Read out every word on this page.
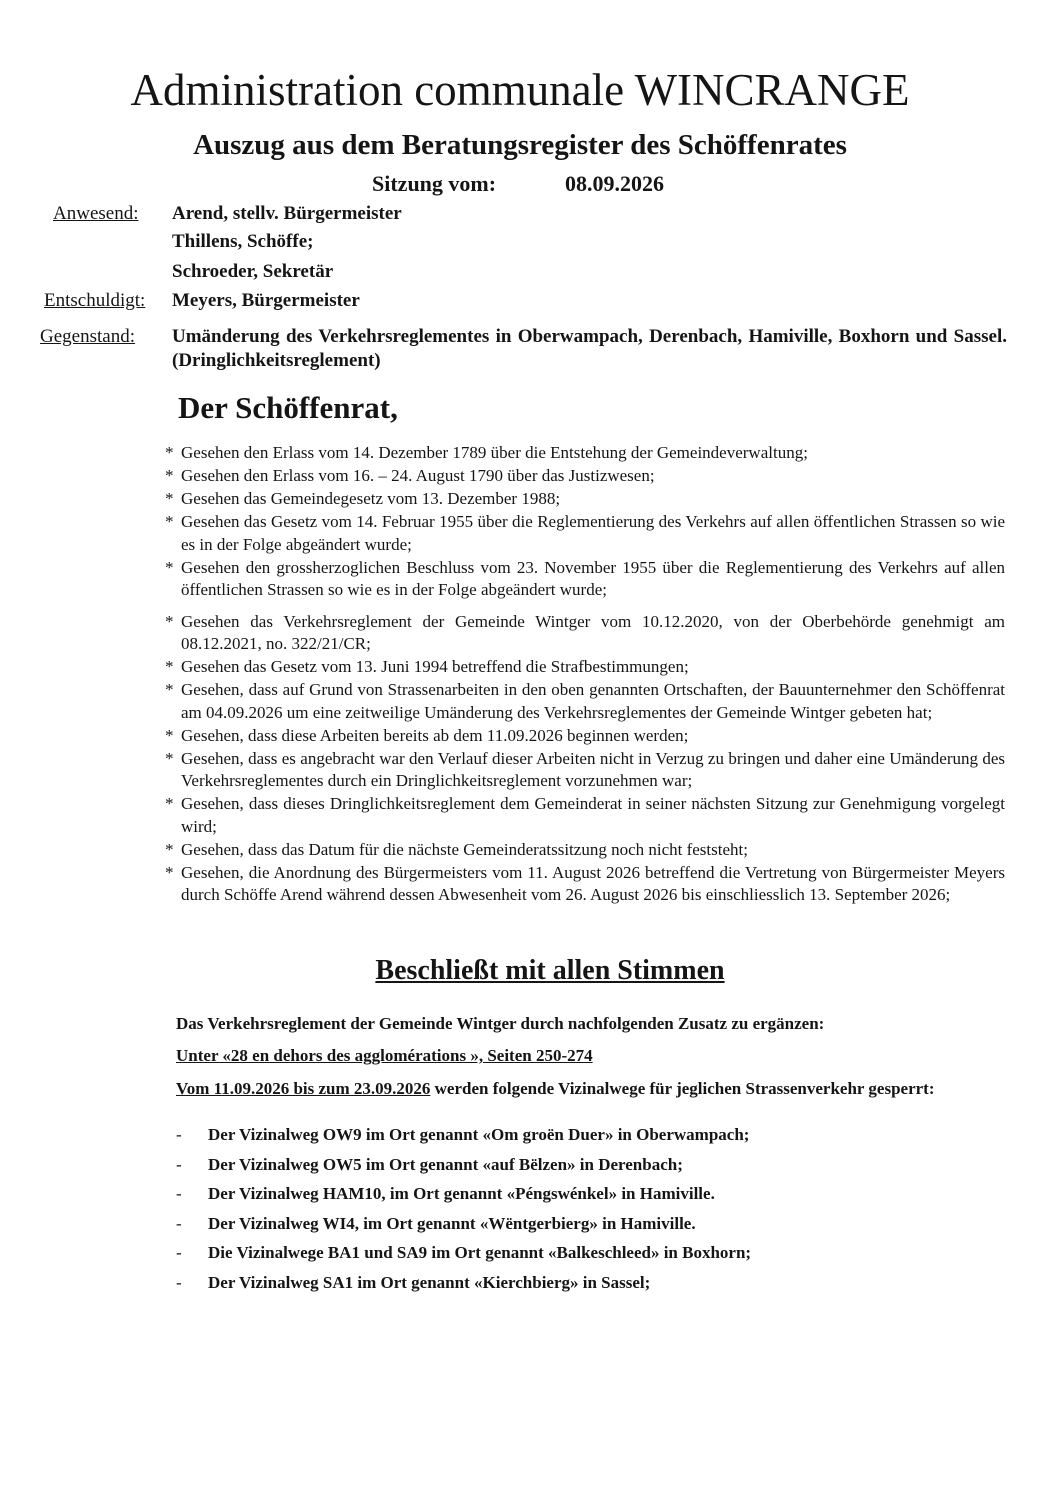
Administration communale WINCRANGE
Auszug aus dem Beratungsregister des Schöffenrates
Sitzung vom:	08.09.2026
Anwesend: Arend, stellv. Bürgermeister
Thillens, Schöffe;
Schroeder, Sekretär
Entschuldigt: Meyers, Bürgermeister
Gegenstand: Umänderung des Verkehrsreglementes in Oberwampach, Derenbach, Hamiville, Boxhorn und Sassel. (Dringlichkeitsreglement)
Der Schöffenrat,
* Gesehen den Erlass vom 14. Dezember 1789 über die Entstehung der Gemeindeverwaltung;
* Gesehen den Erlass vom 16. – 24. August 1790 über das Justizwesen;
* Gesehen das Gemeindegesetz vom 13. Dezember 1988;
* Gesehen das Gesetz vom 14. Februar 1955 über die Reglementierung des Verkehrs auf allen öffentlichen Strassen so wie es in der Folge abgeändert wurde;
* Gesehen den grossherzoglichen Beschluss vom 23. November 1955 über die Reglementierung des Verkehrs auf allen öffentlichen Strassen so wie es in der Folge abgeändert wurde;
* Gesehen das Verkehrsreglement der Gemeinde Wintger vom 10.12.2020, von der Oberbehörde genehmigt am 08.12.2021, no. 322/21/CR;
* Gesehen das Gesetz vom 13. Juni 1994 betreffend die Strafbestimmungen;
* Gesehen, dass auf Grund von Strassenarbeiten in den oben genannten Ortschaften, der Bauunternehmer den Schöffenrat am 04.09.2026 um eine zeitweilige Umänderung des Verkehrsreglementes der Gemeinde Wintger gebeten hat;
* Gesehen, dass diese Arbeiten bereits ab dem 11.09.2026 beginnen werden;
* Gesehen, dass es angebracht war den Verlauf dieser Arbeiten nicht in Verzug zu bringen und daher eine Umänderung des Verkehrsreglementes durch ein Dringlichkeitsreglement vorzunehmen war;
* Gesehen, dass dieses Dringlichkeitsreglement dem Gemeinderat in seiner nächsten Sitzung zur Genehmigung vorgelegt wird;
* Gesehen, dass das Datum für die nächste Gemeinderatssitzung noch nicht feststeht;
* Gesehen, die Anordnung des Bürgermeisters vom 11. August 2026 betreffend die Vertretung von Bürgermeister Meyers durch Schöffe Arend während dessen Abwesenheit vom 26. August 2026 bis einschliesslich 13. September 2026;
Beschließt mit allen Stimmen
Das Verkehrsreglement der Gemeinde Wintger durch nachfolgenden Zusatz zu ergänzen:
Unter «28 en dehors des agglomérations », Seiten 250-274
Vom 11.09.2026 bis zum 23.09.2026 werden folgende Vizinalwege für jeglichen Strassenverkehr gesperrt:
- Der Vizinalweg OW9 im Ort genannt «Om groën Duer» in Oberwampach;
- Der Vizinalweg OW5 im Ort genannt «auf Bëlzen» in Derenbach;
- Der Vizinalweg HAM10, im Ort genannt «Péngswénkel» in Hamiville.
- Der Vizinalweg WI4, im Ort genannt «Wëntgerbierg» in Hamiville.
- Die Vizinalwege BA1 und SA9 im Ort genannt «Balkeschleed» in Boxhorn;
- Der Vizinalweg SA1 im Ort genannt «Kierchbierg» in Sassel;
